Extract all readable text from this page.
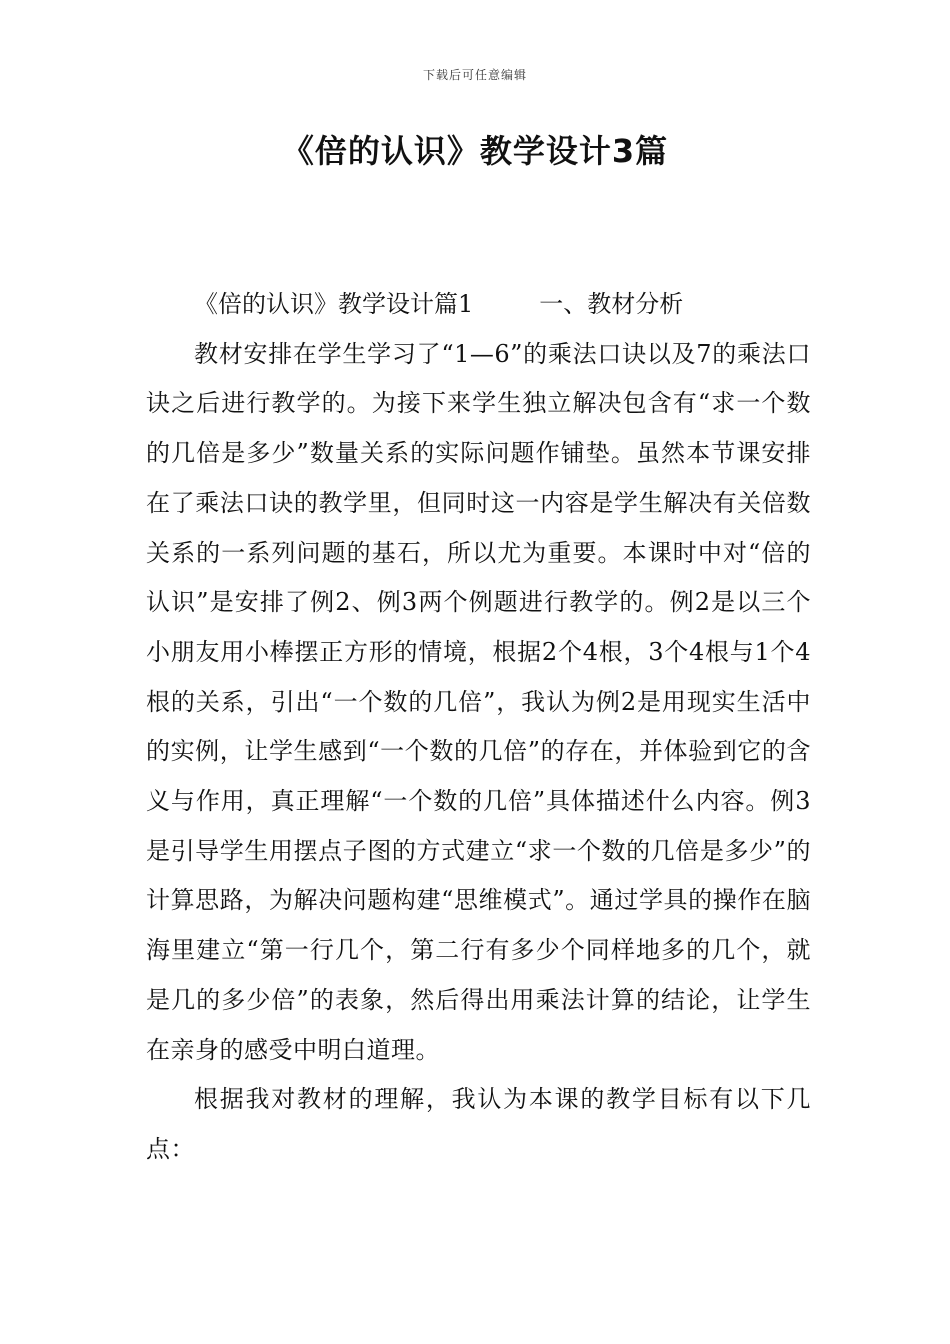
下载后可任意编辑
《倍的认识》教学设计3篇

《倍的认识》教学设计篇1	一、教材分析

教材安排在学生学习了“1—6”的乘法口诀以及7的乘法口诀之后进行教学的。为接下来学生独立解决包含有“求一个数的几倍是多少”数量关系的实际问题作铺垫。虽然本节课安排在了乘法口诀的教学里，但同时这一内容是学生解决有关倍数关系的一系列问题的基石，所以尤为重要。本课时中对“倍的认识”是安排了例2、例3两个例题进行教学的。例2是以三个小朋友用小棒摆正方形的情境，根据2个4根，3个4根与1个4根的关系，引出“一个数的几倍”，我认为例2是用现实生活中的实例，让学生感到“一个数的几倍”的存在，并体验到它的含义与作用，真正理解“一个数的几倍”具体描述什么内容。例3是引导学生用摆点子图的方式建立“求一个数的几倍是多少”的计算思路，为解决问题构建“思维模式”。通过学具的操作在脑海里建立“第一行几个，第二行有多少个同样地多的几个，就是几的多少倍”的表象，然后得出用乘法计算的结论，让学生在亲身的感受中明白道理。

根据我对教材的理解，我认为本课的教学目标有以下几点：
